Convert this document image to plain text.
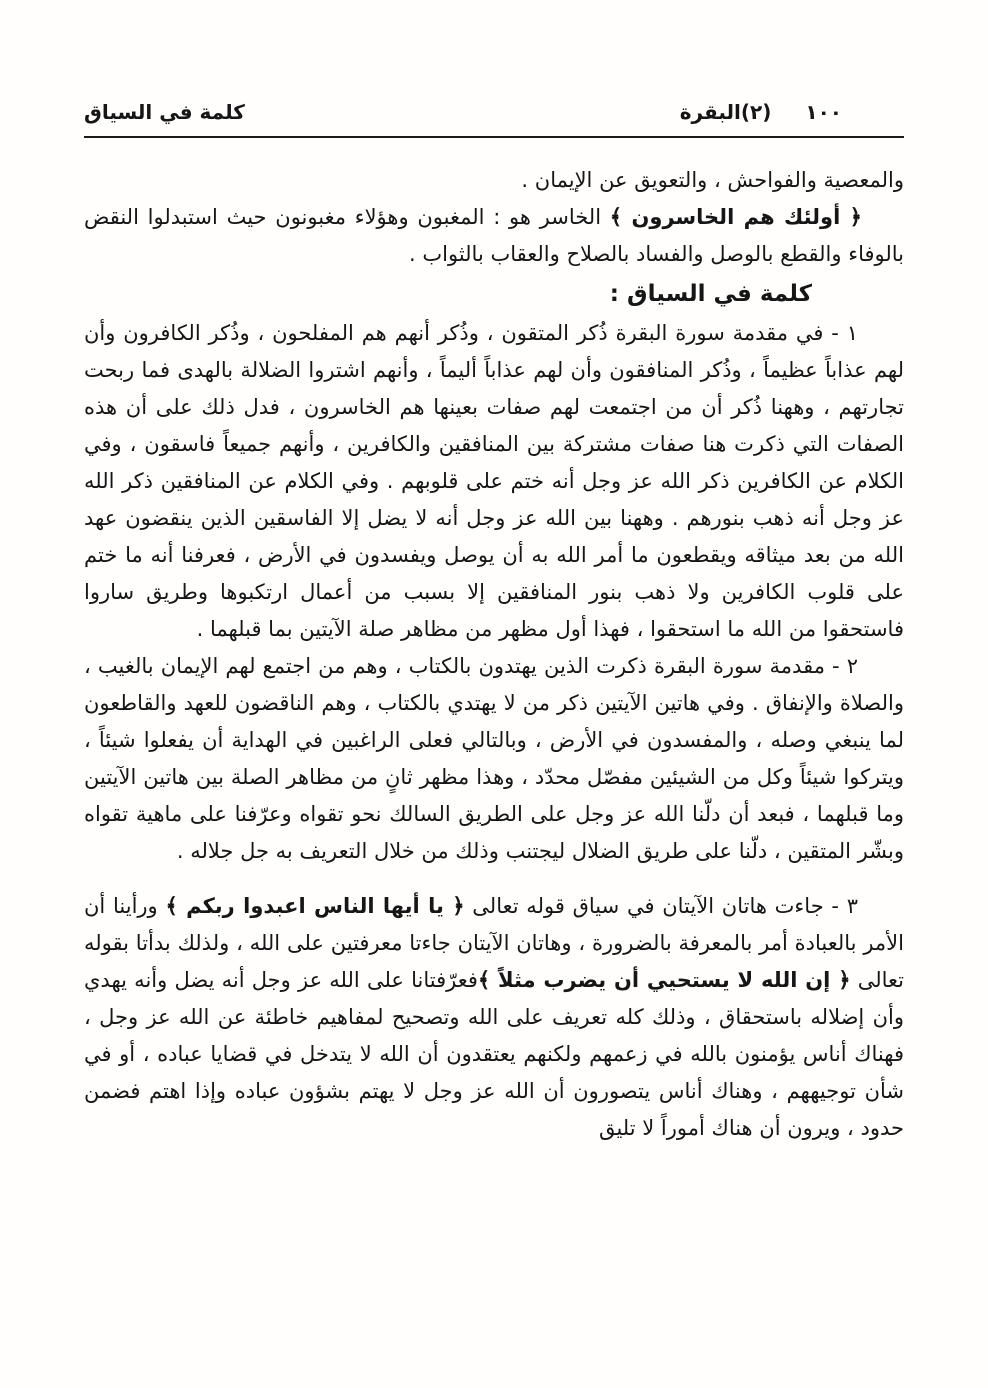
١٠٠
(٢)البقرة
كلمة في السياق

والمعصية والفواحش ، والتعويق عن الإيمان .

﴿ أولئك هم الخاسرون ﴾ الخاسر هو : المغبون وهؤلاء مغبونون حيث استبدلوا النقض بالوفاء والقطع بالوصل والفساد بالصلاح والعقاب بالثواب .

كلمة في السياق :

١ - في مقدمة سورة البقرة ذُكر المتقون ، وذُكر أنهم هم المفلحون ، وذُكر الكافرون وأن لهم عذاباً عظيماً ، وذُكر المنافقون وأن لهم عذاباً أليماً ، وأنهم اشتروا الضلالة بالهدى فما ربحت تجارتهم ، وههنا ذُكر أن من اجتمعت لهم صفات بعينها هم الخاسرون ، فدل ذلك على أن هذه الصفات التي ذكرت هنا صفات مشتركة بين المنافقين والكافرين ، وأنهم جميعاً فاسقون ، وفي الكلام عن الكافرين ذكر الله عز وجل أنه ختم على قلوبهم . وفي الكلام عن المنافقين ذكر الله عز وجل أنه ذهب بنورهم . وههنا بين الله عز وجل أنه لا يضل إلا الفاسقين الذين ينقضون عهد الله من بعد ميثاقه ويقطعون ما أمر الله به أن يوصل ويفسدون في الأرض ، فعرفنا أنه ما ختم على قلوب الكافرين ولا ذهب بنور المنافقين إلا بسبب من أعمال ارتكبوها وطريق ساروا فاستحقوا من الله ما استحقوا ، فهذا أول مظهر من مظاهر صلة الآيتين بما قبلهما .

٢ - مقدمة سورة البقرة ذكرت الذين يهتدون بالكتاب ، وهم من اجتمع لهم الإيمان بالغيب ، والصلاة والإنفاق . وفي هاتين الآيتين ذكر من لا يهتدي بالكتاب ، وهم الناقضون للعهد والقاطعون لما ينبغي وصله ، والمفسدون في الأرض ، وبالتالي فعلى الراغبين في الهداية أن يفعلوا شيئاً ، ويتركوا شيئاً وكل من الشيئين مفصّل محدّد ، وهذا مظهر ثانٍ من مظاهر الصلة بين هاتين الآيتين وما قبلهما ، فبعد أن دلّنا الله عز وجل على الطريق السالك نحو تقواه وعرّفنا على ماهية تقواه وبشّر المتقين ، دلّنا على طريق الضلال ليجتنب وذلك من خلال التعريف به جل جلاله .

٣ - جاءت هاتان الآيتان في سياق قوله تعالى ﴿ يا أيها الناس اعبدوا ربكم ﴾ ورأينا أن الأمر بالعبادة أمر بالمعرفة بالضرورة ، وهاتان الآيتان جاءتا معرفتين على الله ، ولذلك بدأتا بقوله تعالى ﴿ إن الله لا يستحيي أن يضرب مثلاً ﴾فعرّفتانا على الله عز وجل أنه يضل وأنه يهدي وأن إضلاله باستحقاق ، وذلك كله تعريف على الله وتصحيح لمفاهيم خاطئة عن الله عز وجل ، فهناك أناس يؤمنون بالله في زعمهم ولكنهم يعتقدون أن الله لا يتدخل في قضايا عباده ، أو في شأن توجيههم ، وهناك أناس يتصورون أن الله عز وجل لا يهتم بشؤون عباده وإذا اهتم فضمن حدود ، ويرون أن هناك أموراً لا تليق
